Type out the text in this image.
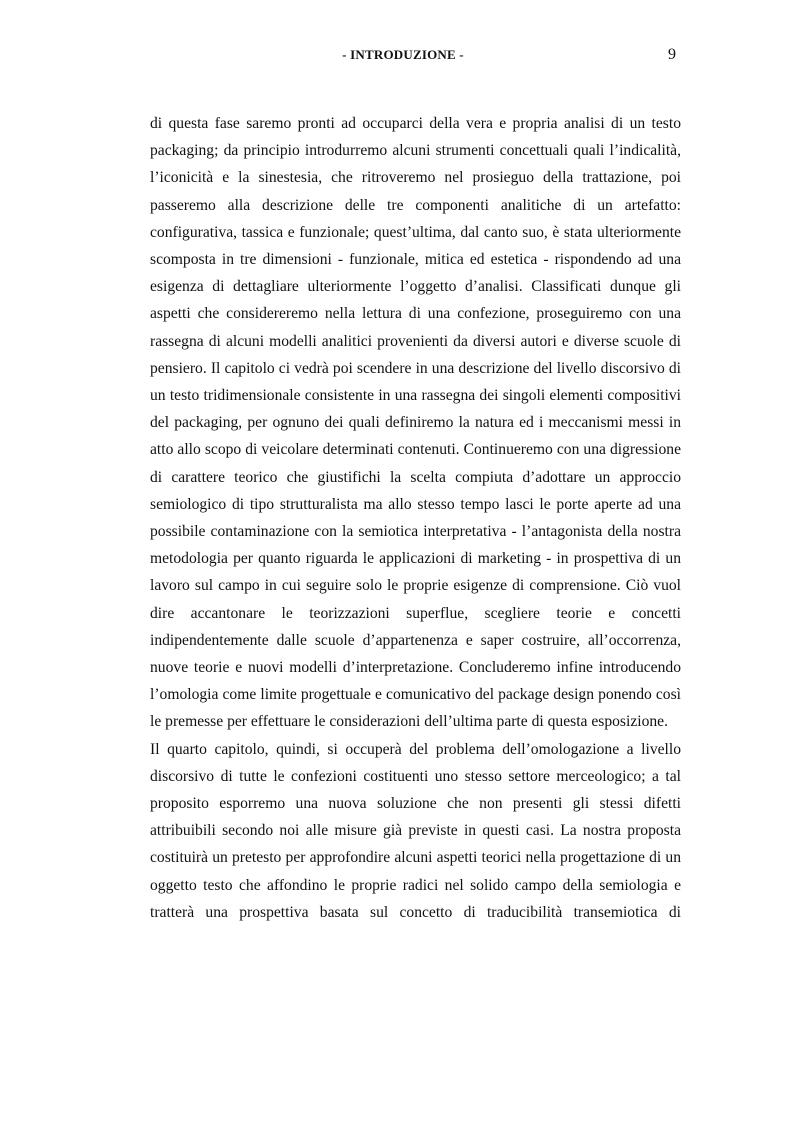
- INTRODUZIONE -	9

di questa fase saremo pronti ad occuparci della vera e propria analisi di un testo packaging; da principio introdurremo alcuni strumenti concettuali quali l’indicalità, l’iconicità e la sinestesia, che ritroveremo nel prosieguo della trattazione, poi passeremo alla descrizione delle tre componenti analitiche di un artefatto: configurativa, tassica e funzionale; quest’ultima, dal canto suo, è stata ulteriormente scomposta in tre dimensioni - funzionale, mitica ed estetica - rispondendo ad una esigenza di dettagliare ulteriormente l’oggetto d’analisi. Classificati dunque gli aspetti che considereremo nella lettura di una confezione, proseguiremo con una rassegna di alcuni modelli analitici provenienti da diversi autori e diverse scuole di pensiero. Il capitolo ci vedrà poi scendere in una descrizione del livello discorsivo di un testo tridimensionale consistente in una rassegna dei singoli elementi compositivi del packaging, per ognuno dei quali definiremo la natura ed i meccanismi messi in atto allo scopo di veicolare determinati contenuti. Continueremo con una digressione di carattere teorico che giustifichi la scelta compiuta d’adottare un approccio semiologico di tipo strutturalista ma allo stesso tempo lasci le porte aperte ad una possibile contaminazione con la semiotica interpretativa - l’antagonista della nostra metodologia per quanto riguarda le applicazioni di marketing - in prospettiva di un lavoro sul campo in cui seguire solo le proprie esigenze di comprensione. Ciò vuol dire accantonare le teorizzazioni superflue, scegliere teorie e concetti indipendentemente dalle scuole d’appartenenza e saper costruire, all’occorrenza, nuove teorie e nuovi modelli d’interpretazione. Concluderemo infine introducendo l’omologia come limite progettuale e comunicativo del package design ponendo così le premesse per effettuare le considerazioni dell’ultima parte di questa esposizione.

Il quarto capitolo, quindi, si occuperà del problema dell’omologazione a livello discorsivo di tutte le confezioni costituenti uno stesso settore merceologico; a tal proposito esporremo una nuova soluzione che non presenti gli stessi difetti attribuibili secondo noi alle misure già previste in questi casi. La nostra proposta costituirà un pretesto per approfondire alcuni aspetti teorici nella progettazione di un oggetto testo che affondino le proprie radici nel solido campo della semiologia e tratterà una prospettiva basata sul concetto di traducibilità transemiotica di
